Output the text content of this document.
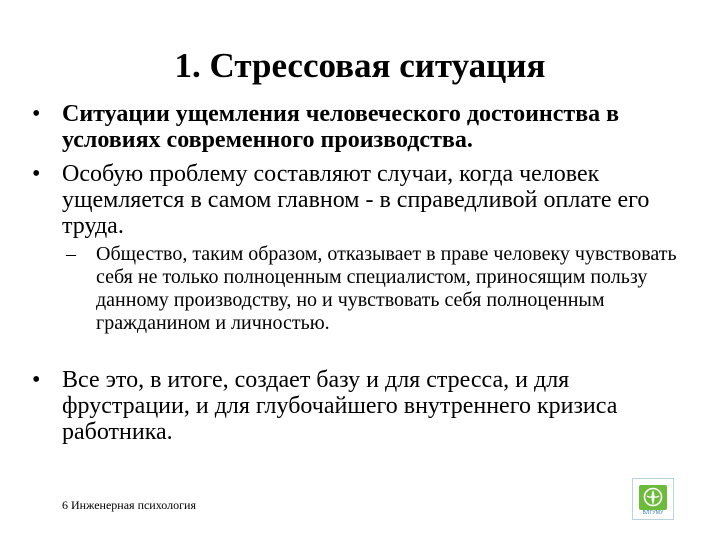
1. Стрессовая ситуация
• Ситуации ущемления человеческого достоинства в условиях современного производства.
• Особую проблему составляют случаи, когда человек ущемляется в самом главном - в справедливой оплате его труда.
–	Общество, таким образом, отказывает в праве человеку чувствовать себя не только полноценным специалистом, приносящим пользу данному производству, но и чувствовать себя полноценным гражданином и личностью.
• Все это, в итоге, создает базу и для стресса, и для фрустрации, и для глубочайшего внутреннего кризиса работника.
6 Инженерная психология
ВЛГУМУ
